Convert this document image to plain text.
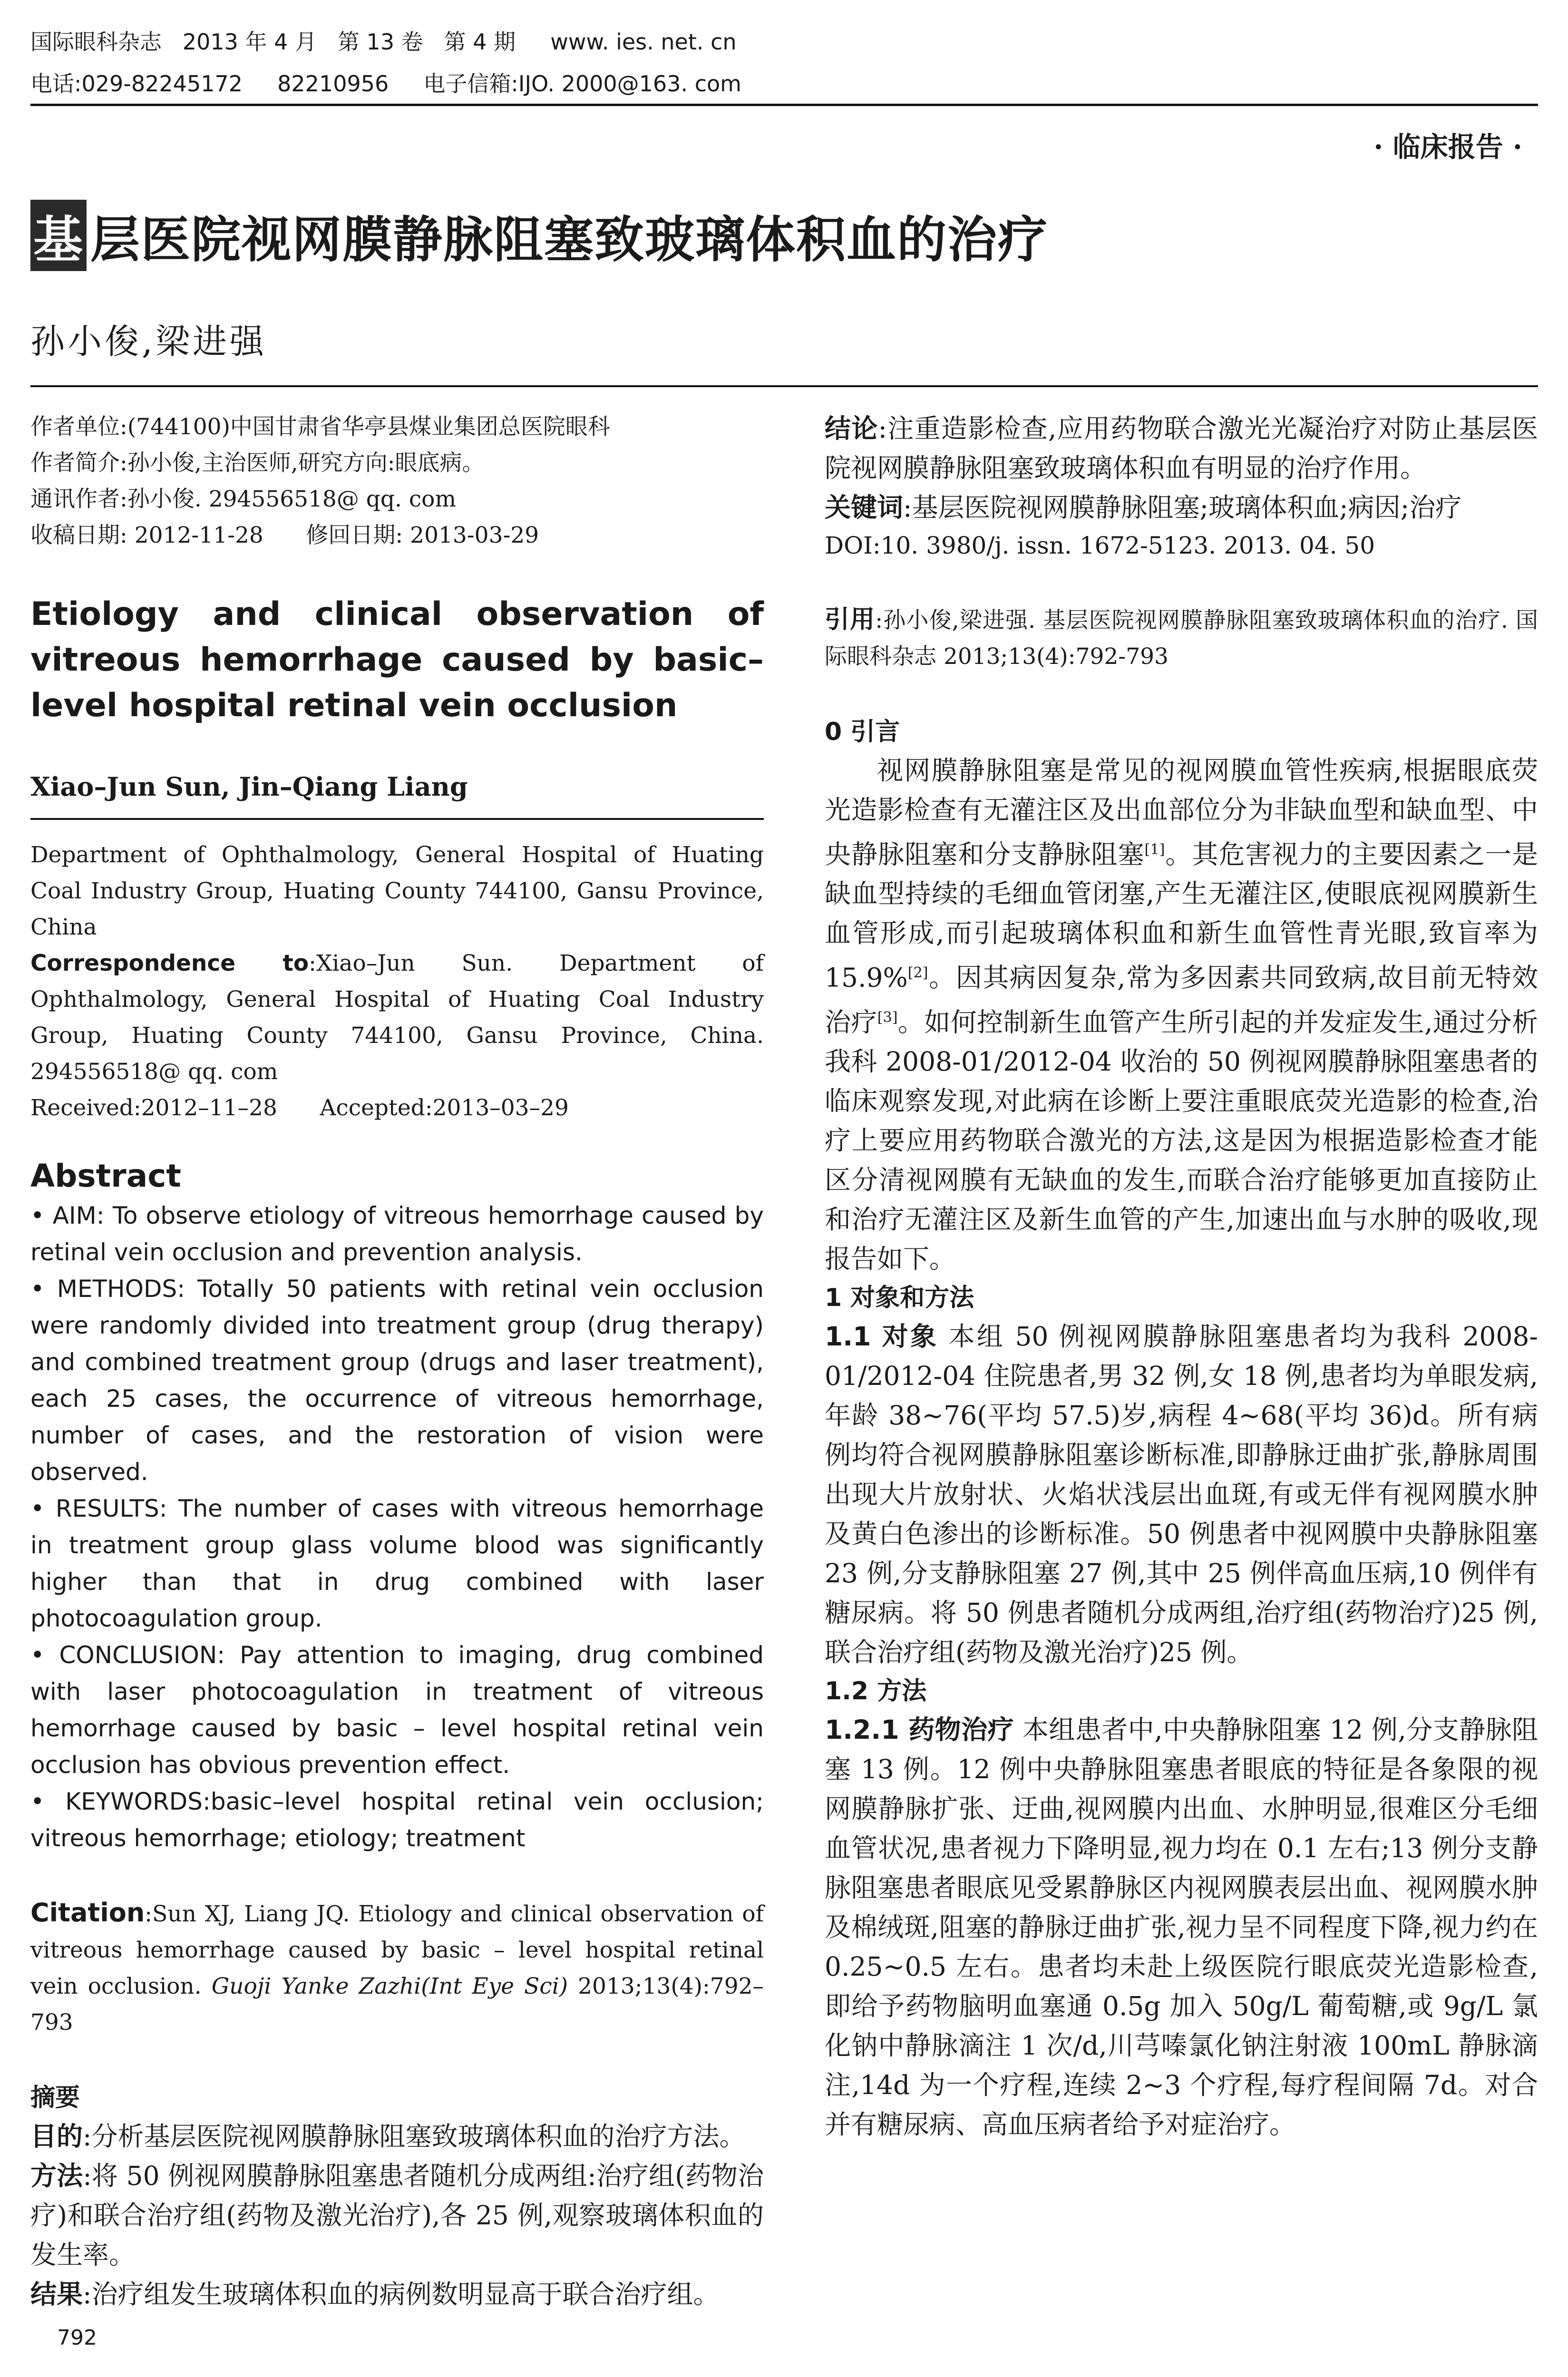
国际眼科杂志   2013 年 4 月   第 13 卷   第 4 期     www. ies. net. cn
电话:029-82245172     82210956     电子信箱:IJO. 2000@163. com
· 临床报告 ·
基 层医院视网膜静脉阻塞致玻璃体积血的治疗
孙小俊,梁进强
作者单位:(744100)中国甘肃省华亭县煤业集团总医院眼科
作者简介:孙小俊,主治医师,研究方向:眼底病。
通讯作者:孙小俊. 294556518@ qq. com
收稿日期: 2012-11-28      修回日期: 2013-03-29
Etiology and clinical observation of vitreous hemorrhage caused by basic–level hospital retinal vein occlusion
Xiao–Jun Sun, Jin–Qiang Liang
Department of Ophthalmology, General Hospital of Huating Coal Industry Group, Huating County 744100, Gansu Province, China
Correspondence to:Xiao–Jun Sun. Department of Ophthalmology, General Hospital of Huating Coal Industry Group, Huating County 744100, Gansu Province, China. 294556518@ qq. com
Received:2012–11–28      Accepted:2013–03–29
Abstract

• AIM: To observe etiology of vitreous hemorrhage caused by retinal vein occlusion and prevention analysis.

• METHODS: Totally 50 patients with retinal vein occlusion were randomly divided into treatment group (drug therapy) and combined treatment group (drugs and laser treatment), each 25 cases, the occurrence of vitreous hemorrhage, number of cases, and the restoration of vision were observed.

• RESULTS: The number of cases with vitreous hemorrhage in treatment group glass volume blood was significantly higher than that in drug combined with laser photocoagulation group.

• CONCLUSION: Pay attention to imaging, drug combined with laser photocoagulation in treatment of vitreous hemorrhage caused by basic – level hospital retinal vein occlusion has obvious prevention effect.

• KEYWORDS:basic–level hospital retinal vein occlusion; vitreous hemorrhage; etiology; treatment

Citation:Sun XJ, Liang JQ. Etiology and clinical observation of vitreous hemorrhage caused by basic – level hospital retinal vein occlusion. Guoji Yanke Zazhi(Int Eye Sci) 2013;13(4):792–793

摘要

目的:分析基层医院视网膜静脉阻塞致玻璃体积血的治疗方法。

方法:将 50 例视网膜静脉阻塞患者随机分成两组:治疗组(药物治疗)和联合治疗组(药物及激光治疗),各 25 例,观察玻璃体积血的发生率。

结果:治疗组发生玻璃体积血的病例数明显高于联合治疗组。

结论:注重造影检查,应用药物联合激光光凝治疗对防止基层医院视网膜静脉阻塞致玻璃体积血有明显的治疗作用。

关键词:基层医院视网膜静脉阻塞;玻璃体积血;病因;治疗

DOI:10. 3980/j. issn. 1672-5123. 2013. 04. 50

引用:孙小俊,梁进强. 基层医院视网膜静脉阻塞致玻璃体积血的治疗. 国际眼科杂志 2013;13(4):792-793

0 引言

视网膜静脉阻塞是常见的视网膜血管性疾病,根据眼底荧光造影检查有无灌注区及出血部位分为非缺血型和缺血型、中央静脉阻塞和分支静脉阻塞[1]。其危害视力的主要因素之一是缺血型持续的毛细血管闭塞,产生无灌注区,使眼底视网膜新生血管形成,而引起玻璃体积血和新生血管性青光眼,致盲率为 15.9%[2]。因其病因复杂,常为多因素共同致病,故目前无特效治疗[3]。如何控制新生血管产生所引起的并发症发生,通过分析我科 2008-01/2012-04 收治的 50 例视网膜静脉阻塞患者的临床观察发现,对此病在诊断上要注重眼底荧光造影的检查,治疗上要应用药物联合激光的方法,这是因为根据造影检查才能区分清视网膜有无缺血的发生,而联合治疗能够更加直接防止和治疗无灌注区及新生血管的产生,加速出血与水肿的吸收,现报告如下。

1 对象和方法

1.1 对象 本组 50 例视网膜静脉阻塞患者均为我科 2008-01/2012-04 住院患者,男 32 例,女 18 例,患者均为单眼发病,年龄 38~76(平均 57.5)岁,病程 4~68(平均 36)d。所有病例均符合视网膜静脉阻塞诊断标准,即静脉迂曲扩张,静脉周围出现大片放射状、火焰状浅层出血斑,有或无伴有视网膜水肿及黄白色渗出的诊断标准。50 例患者中视网膜中央静脉阻塞 23 例,分支静脉阻塞 27 例,其中 25 例伴高血压病,10 例伴有糖尿病。将 50 例患者随机分成两组,治疗组(药物治疗)25 例,联合治疗组(药物及激光治疗)25 例。

1.2 方法

1.2.1 药物治疗 本组患者中,中央静脉阻塞 12 例,分支静脉阻塞 13 例。12 例中央静脉阻塞患者眼底的特征是各象限的视网膜静脉扩张、迂曲,视网膜内出血、水肿明显,很难区分毛细血管状况,患者视力下降明显,视力均在 0.1 左右;13 例分支静脉阻塞患者眼底见受累静脉区内视网膜表层出血、视网膜水肿及棉绒斑,阻塞的静脉迂曲扩张,视力呈不同程度下降,视力约在 0.25~0.5 左右。患者均未赴上级医院行眼底荧光造影检查,即给予药物脑明血塞通 0.5g 加入 50g/L 葡萄糖,或 9g/L 氯化钠中静脉滴注 1 次/d,川芎嗪氯化钠注射液 100mL 静脉滴注,14d 为一个疗程,连续 2~3 个疗程,每疗程间隔 7d。对合并有糖尿病、高血压病者给予对症治疗。

792
